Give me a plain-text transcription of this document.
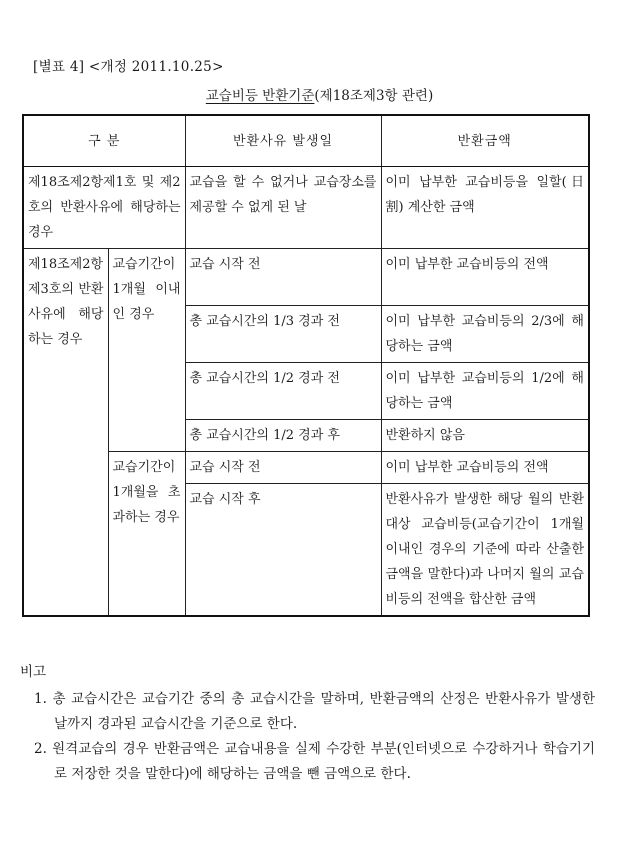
[별표 4] <개정 2011.10.25>
교습비등 반환기준(제18조제3항 관련)
구 분		반환사유 발생일	반환금액
제18조제2항제1호 및 제2호의 반환사유에 해당하는 경우		교습을 할 수 없거나 교습장소를 제공할 수 없게 된 날	이미 납부한 교습비등을 일할(日割) 계산한 금액
제18조제2항제3호의 반환사유에 해당하는 경우	교습기간이 1개월 이내인 경우	교습 시작 전	이미 납부한 교습비등의 전액
		총 교습시간의 1/3 경과 전	이미 납부한 교습비등의 2/3에 해당하는 금액
		총 교습시간의 1/2 경과 전	이미 납부한 교습비등의 1/2에 해당하는 금액
		총 교습시간의 1/2 경과 후	반환하지 않음
	교습기간이 1개월을 초과하는 경우	교습 시작 전	이미 납부한 교습비등의 전액
		교습 시작 후	반환사유가 발생한 해당 월의 반환 대상 교습비등(교습기간이 1개월 이내인 경우의 기준에 따라 산출한 금액을 말한다)과 나머지 월의 교습비등의 전액을 합산한 금액
비고
1. 총 교습시간은 교습기간 중의 총 교습시간을 말하며, 반환금액의 산정은 반환사유가 발생한 날까지 경과된 교습시간을 기준으로 한다.
2. 원격교습의 경우 반환금액은 교습내용을 실제 수강한 부분(인터넷으로 수강하거나 학습기기로 저장한 것을 말한다)에 해당하는 금액을 뺀 금액으로 한다.
